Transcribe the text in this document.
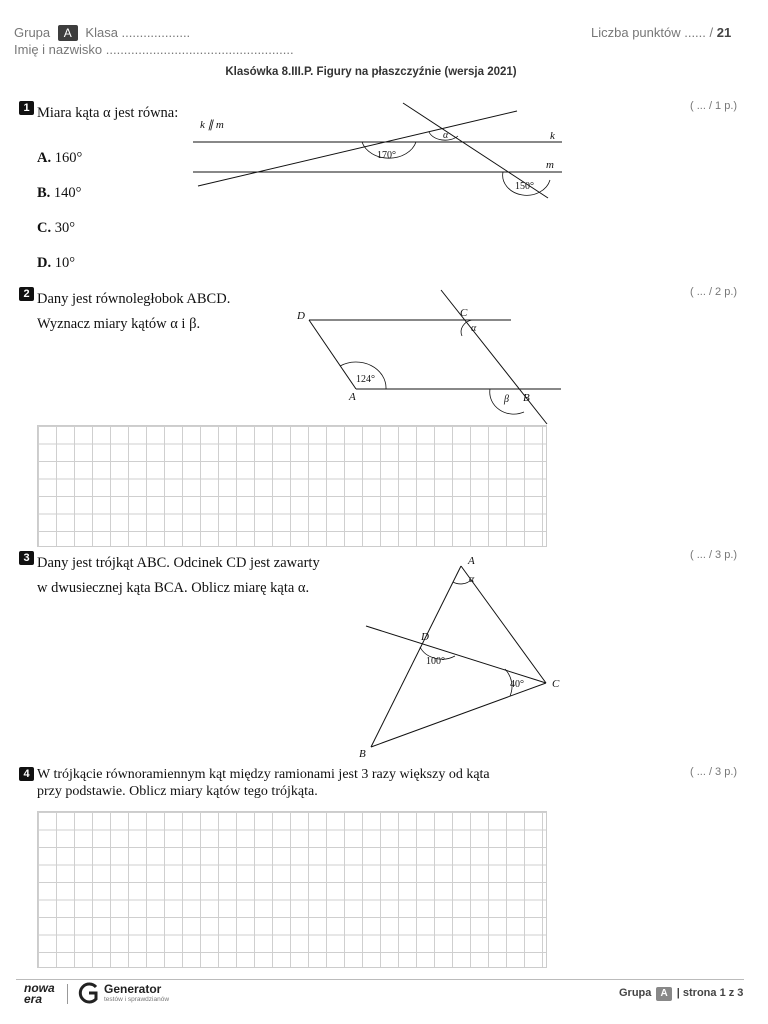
Grupa A Klasa ...................
Imię i nazwisko ....................................................
Liczba punktów ...... / 21
Klasówka 8.III.P. Figury na płaszczyźnie (wersja 2021)
1 Miara kąta α jest równa:	( ... / 1 p.)
A. 160°
B. 140°
C. 30°
D. 10°
k ∥ m
k
m
α
170°
150°
2 Dany jest równoległobok ABCD.
Wyznacz miary kątów α i β.
( ... / 2 p.)
D	C
A	B
α
β
124°
3 Dany jest trójkąt ABC. Odcinek CD jest zawarty
w dwusiecznej kąta BCA. Oblicz miarę kąta α.
( ... / 3 p.)
A
B
C
D
α
100°
40°
4 W trójkącie równoramiennym kąt między ramionami jest 3 razy większy od kąta
przy podstawie. Oblicz miary kątów tego trójkąta.
( ... / 3 p.)
nowa
era
Generator
testów i sprawdzianów
Grupa A | strona 1 z 3
